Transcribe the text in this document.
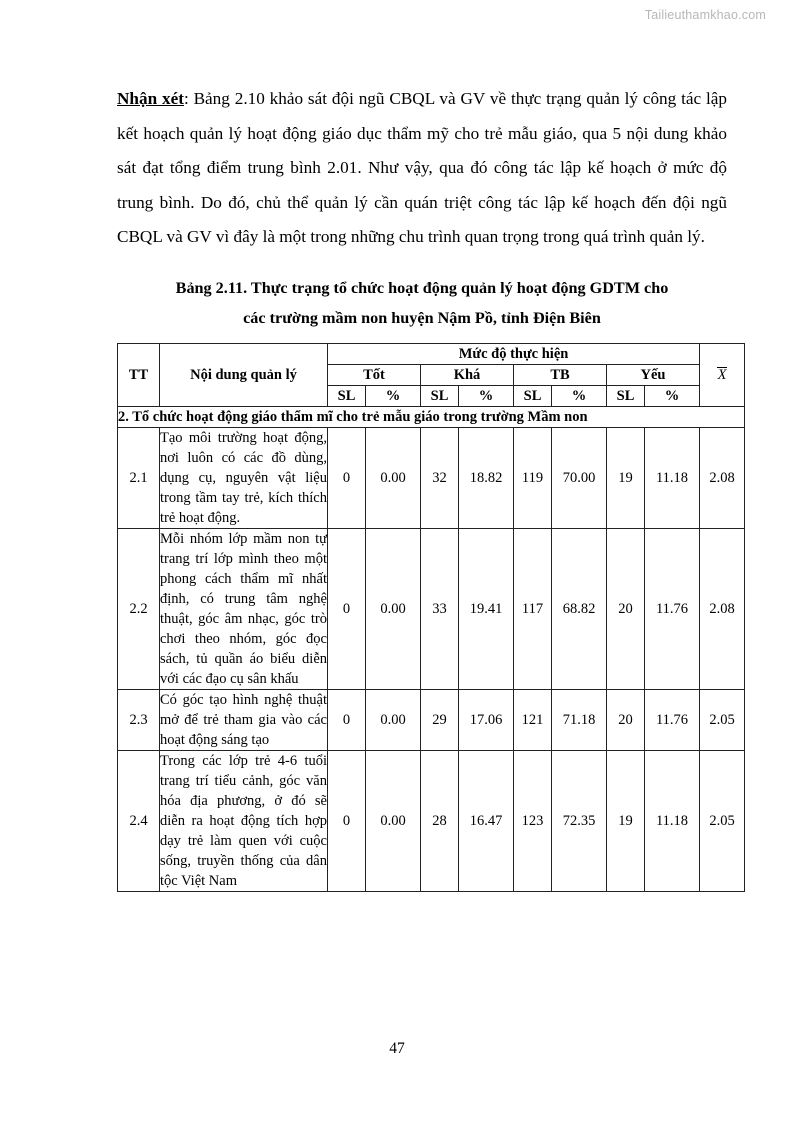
Tailieuthamkhao.com

Nhận xét: Bảng 2.10 khảo sát đội ngũ CBQL và GV về thực trạng quản lý công tác lập kết hoạch quản lý hoạt động giáo dục thẩm mỹ cho trẻ mẫu giáo, qua 5 nội dung khảo sát đạt tổng điểm trung bình 2.01. Như vậy, qua đó công tác lập kế hoạch ở mức độ trung bình. Do đó, chủ thể quản lý cần quán triệt công tác lập kế hoạch đến đội ngũ CBQL và GV vì đây là một trong những chu trình quan trọng trong quá trình quản lý.

Bảng 2.11. Thực trạng tổ chức hoạt động quản lý hoạt động GDTM cho
các trường mầm non huyện Nậm Pồ, tỉnh Điện Biên
TT	Nội dung quản lý	Mức độ thực hiện								X
		Tốt		Khá		TB		Yếu		
		SL	%	SL	%	SL	%	SL	%	
2. Tổ chức hoạt động giáo thẩm mĩ cho trẻ mẫu giáo trong trường Mầm non										
2.1	Tạo môi trường hoạt động, nơi luôn có các đồ dùng, dụng cụ, nguyên vật liệu trong tầm tay trẻ, kích thích trẻ hoạt động.	0	0.00	32	18.82	119	70.00	19	11.18	2.08
2.2	Mỗi nhóm lớp mầm non tự trang trí lớp mình theo một phong cách thẩm mĩ nhất định, có trung tâm nghệ thuật, góc âm nhạc, góc trò chơi theo nhóm, góc đọc sách, tủ quần áo biểu diễn với các đạo cụ sân khấu	0	0.00	33	19.41	117	68.82	20	11.76	2.08
2.3	Có góc tạo hình nghệ thuật mở để trẻ tham gia vào các hoạt động sáng tạo	0	0.00	29	17.06	121	71.18	20	11.76	2.05
2.4	Trong các lớp trẻ 4-6 tuổi trang trí tiểu cảnh, góc văn hóa địa phương, ở đó sẽ diễn ra hoạt động tích hợp dạy trẻ làm quen với cuộc sống, truyền thống của dân tộc Việt Nam	0	0.00	28	16.47	123	72.35	19	11.18	2.05
47
